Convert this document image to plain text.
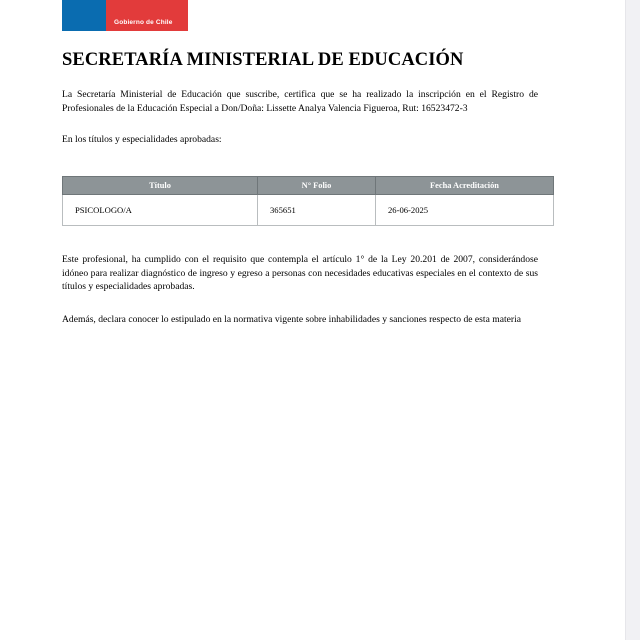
Gobierno de Chile
SECRETARÍA MINISTERIAL DE EDUCACIÓN

La Secretaría Ministerial de Educación que suscribe, certifica que se ha realizado la inscripción en el Registro de Profesionales de la Educación Especial a Don/Doña: Lissette Analya Valencia Figueroa, Rut: 16523472-3

En los títulos y especialidades aprobadas:

Título	N° Folio	Fecha Acreditación
PSICOLOGO/A	365651	26-06-2025

Este profesional, ha cumplido con el requisito que contempla el artículo 1° de la Ley 20.201 de 2007, considerándose idóneo para realizar diagnóstico de ingreso y egreso a personas con necesidades educativas especiales en el contexto de sus títulos y especialidades aprobadas.

Además, declara conocer lo estipulado en la normativa vigente sobre inhabilidades y sanciones respecto de esta materia
